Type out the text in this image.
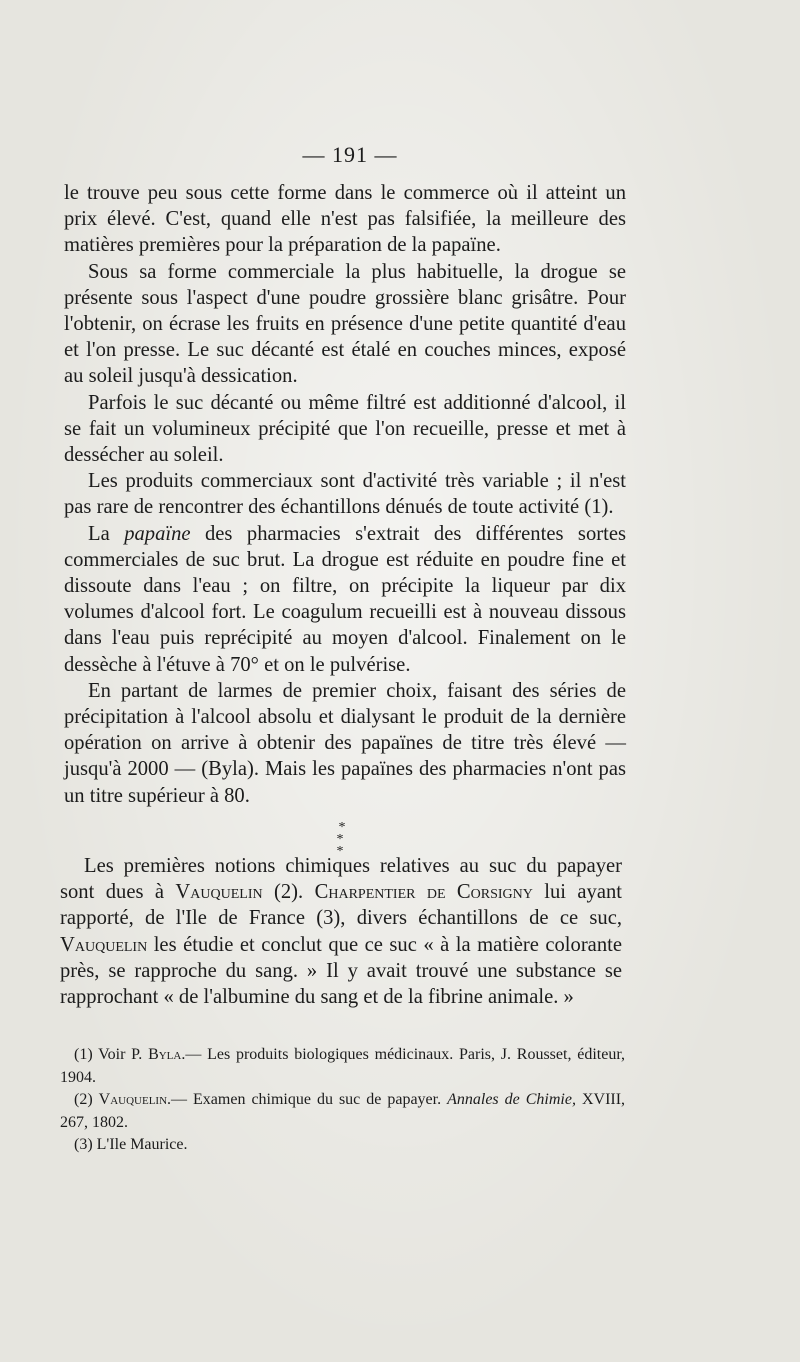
— 191 —

le trouve peu sous cette forme dans le commerce où il atteint un prix élevé. C'est, quand elle n'est pas falsifiée, la meilleure des matières premières pour la préparation de la papaïne.

Sous sa forme commerciale la plus habituelle, la drogue se présente sous l'aspect d'une poudre grossière blanc grisâtre. Pour l'obtenir, on écrase les fruits en présence d'une petite quantité d'eau et l'on presse. Le suc décanté est étalé en couches minces, exposé au soleil jusqu'à dessication.

Parfois le suc décanté ou même filtré est additionné d'alcool, il se fait un volumineux précipité que l'on recueille, presse et met à dessécher au soleil.

Les produits commerciaux sont d'activité très variable ; il n'est pas rare de rencontrer des échantillons dénués de toute activité (1).

La papaïne des pharmacies s'extrait des différentes sortes commerciales de suc brut. La drogue est réduite en poudre fine et dissoute dans l'eau ; on filtre, on précipite la liqueur par dix volumes d'alcool fort. Le coagulum recueilli est à nouveau dissous dans l'eau puis reprécipité au moyen d'alcool. Finalement on le dessèche à l'étuve à 70° et on le pulvérise.

En partant de larmes de premier choix, faisant des séries de précipitation à l'alcool absolu et dialysant le produit de la dernière opération on arrive à obtenir des papaïnes de titre très élevé — jusqu'à 2000 — (Byla). Mais les papaïnes des pharmacies n'ont pas un titre supérieur à 80.

*
* *

Les premières notions chimiques relatives au suc du papayer sont dues à Vauquelin (2). Charpentier de Corsigny lui ayant rapporté, de l'Ile de France (3), divers échantillons de ce suc, Vauquelin les étudie et conclut que ce suc « à la matière colorante près, se rapproche du sang. » Il y avait trouvé une substance se rapprochant « de l'albumine du sang et de la fibrine animale. »

(1) Voir P. Byla.— Les produits biologiques médicinaux. Paris, J. Rousset, éditeur, 1904.

(2) Vauquelin.— Examen chimique du suc de papayer. Annales de Chimie, XVIII, 267, 1802.

(3) L'Ile Maurice.
